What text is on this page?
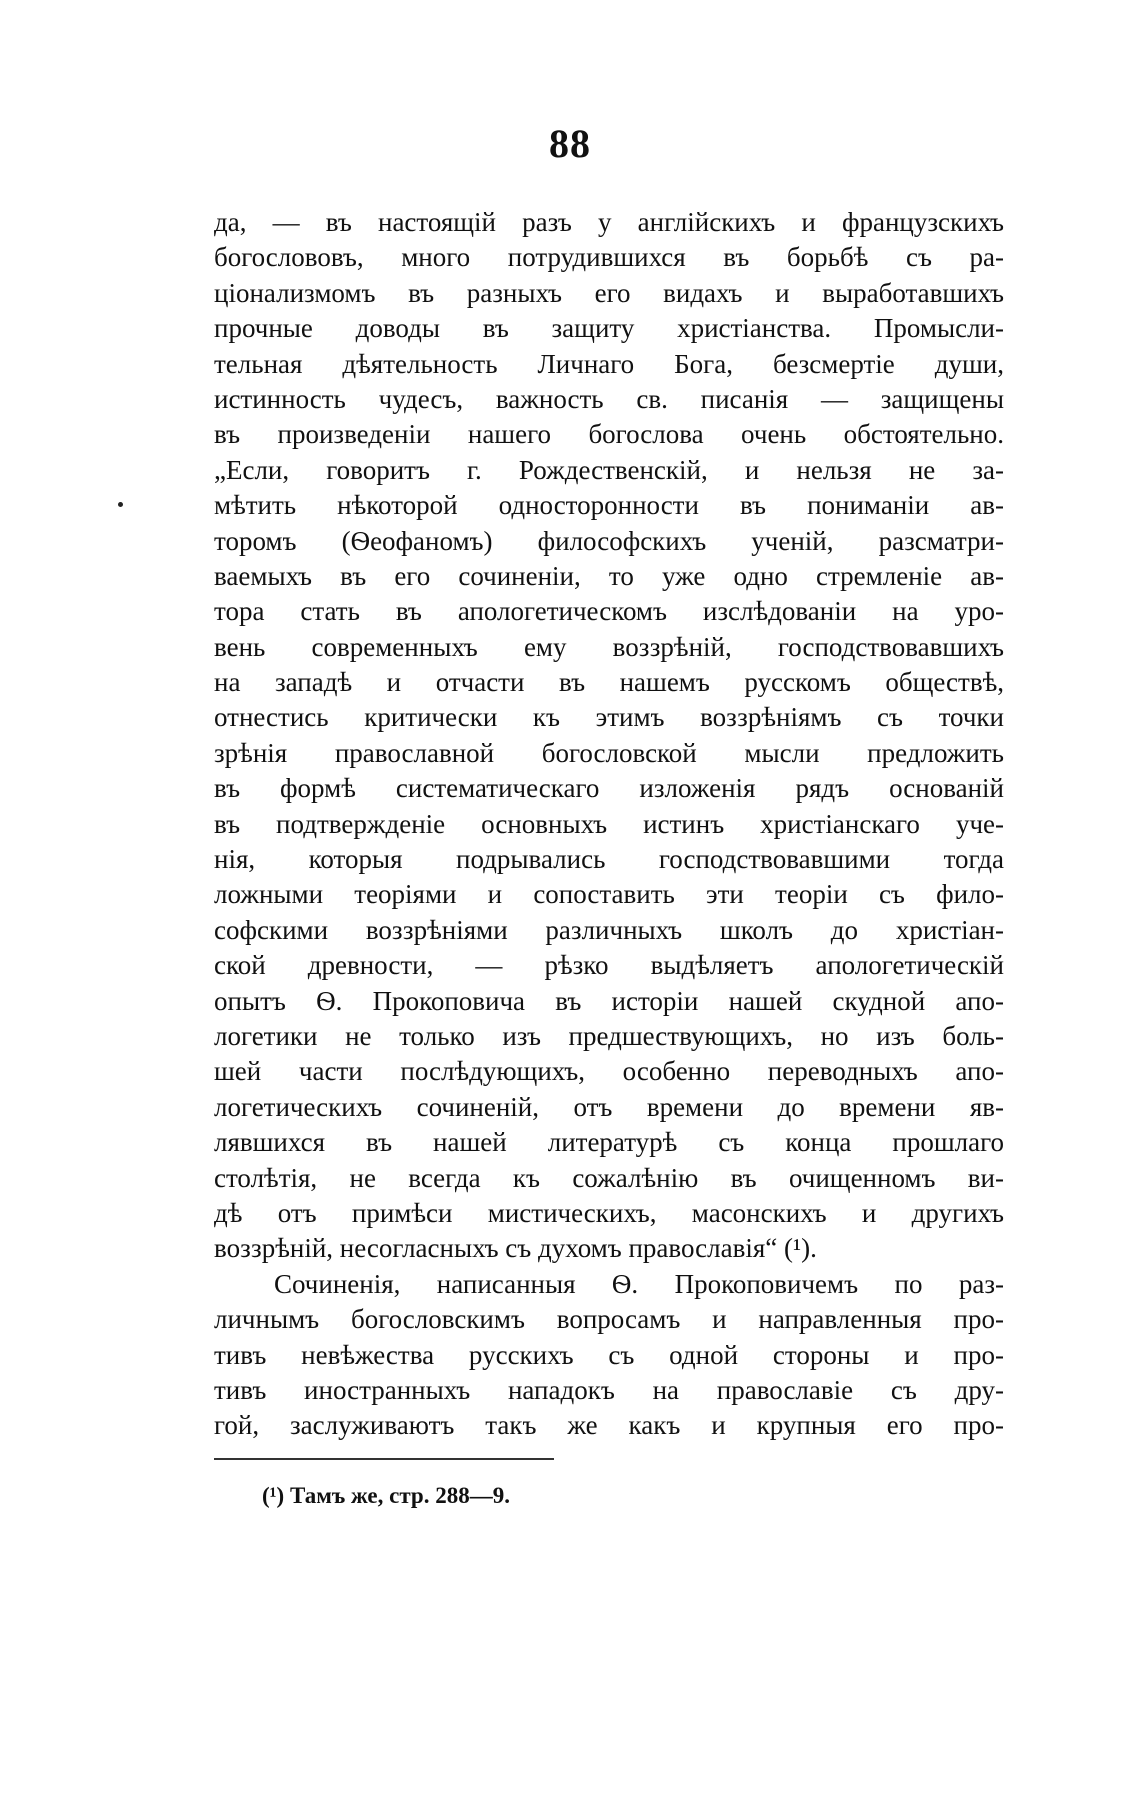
88
да, — въ настоящій разъ у англійскихъ и французскихъ
богослововъ, много потрудившихся въ борьбѣ съ ра-
ціонализмомъ въ разныхъ его видахъ и выработавшихъ
прочные доводы въ защиту христіанства. Промысли-
тельная дѣятельность Личнаго Бога, безсмертіе души,
истинность чудесъ, важность св. писанія — защищены
въ произведеніи нашего богослова очень обстоятельно.
„Если, говоритъ г. Рождественскій, и нельзя не за-
мѣтить нѣкоторой односторонности въ пониманіи ав-
торомъ (Ѳеофаномъ) философскихъ ученій, разсматри-
ваемыхъ въ его сочиненіи, то уже одно стремленіе ав-
тора стать въ апологетическомъ изслѣдованіи на уро-
вень современныхъ ему воззрѣній, господствовавшихъ
на западѣ и отчасти въ нашемъ русскомъ обществѣ,
отнестись критически къ этимъ воззрѣніямъ съ точки
зрѣнія православной богословской мысли предложить
въ формѣ систематическаго изложенія рядъ основаній
въ подтвержденіе основныхъ истинъ христіанскаго уче-
нія, которыя подрывались господствовавшими тогда
ложными теоріями и сопоставить эти теоріи съ фило-
софскими воззрѣніями различныхъ школъ до христіан-
ской древности, — рѣзко выдѣляетъ апологетическій
опытъ Ѳ. Прокоповича въ исторіи нашей скудной апо-
логетики не только изъ предшествующихъ, но изъ боль-
шей части послѣдующихъ, особенно переводныхъ апо-
логетическихъ сочиненій, отъ времени до времени яв-
лявшихся въ нашей литературѣ съ конца прошлаго
столѣтія, не всегда къ сожалѣнію въ очищенномъ ви-
дѣ отъ примѣси мистическихъ, масонскихъ и другихъ
воззрѣній, несогласныхъ съ духомъ православія“ (¹).
Сочиненія, написанныя Ѳ. Прокоповичемъ по раз-
личнымъ богословскимъ вопросамъ и направленныя про-
тивъ невѣжества русскихъ съ одной стороны и про-
тивъ иностранныхъ нападокъ на православіе съ дру-
гой, заслуживаютъ такъ же какъ и крупныя его про-
(¹) Тамъ же, стр. 288—9.
